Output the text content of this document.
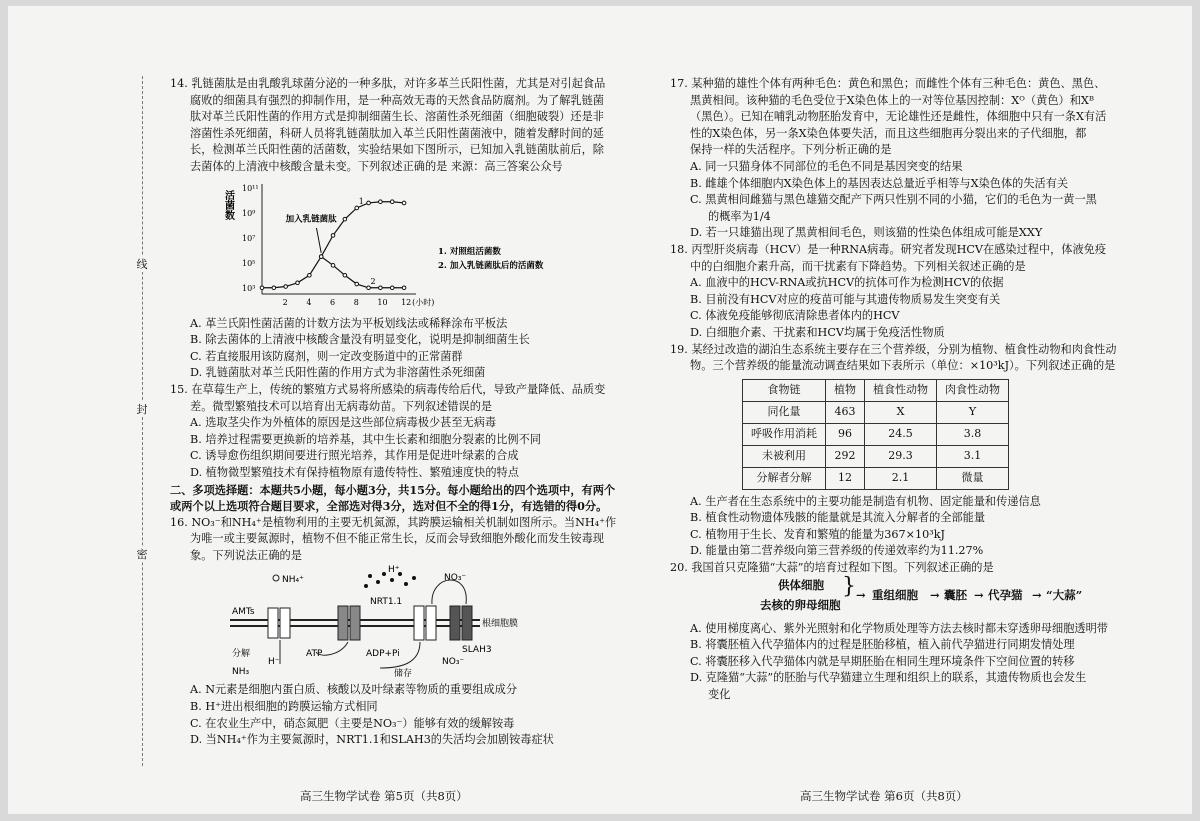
线
封
密

14. 乳链菌肽是由乳酸乳球菌分泌的一种多肽，对许多革兰氏阳性菌，尤其是对引起食品

腐败的细菌具有强烈的抑制作用，是一种高效无毒的天然食品防腐剂。为了解乳链菌

肽对革兰氏阳性菌的作用方式是抑制细菌生长、溶菌性杀死细菌（细胞破裂）还是非

溶菌性杀死细菌，科研人员将乳链菌肽加入革兰氏阳性菌菌液中，随着发酵时间的延

长，检测革兰氏阳性菌的活菌数，实验结果如下图所示，已知加入乳链菌肽前后，除

去菌体的上清液中核酸含量未变。下列叙述正确的是 来源：高三答案公众号

活菌数
10³
10⁵
10⁷
10⁹
10¹¹
2 4 6 8 10 12 (小时)
1
2
加入乳链菌肽
1. 对照组活菌数
2. 加入乳链菌肽后的活菌数

A. 革兰氏阳性菌活菌的计数方法为平板划线法或稀释涂布平板法

B. 除去菌体的上清液中核酸含量没有明显变化，说明是抑制细菌生长

C. 若直接服用该防腐剂，则一定改变肠道中的正常菌群

D. 乳链菌肽对革兰氏阳性菌的作用方式为非溶菌性杀死细菌

15. 在草莓生产上，传统的繁殖方式易将所感染的病毒传给后代，导致产量降低、品质变

差。微型繁殖技术可以培育出无病毒幼苗。下列叙述错误的是

A. 选取茎尖作为外植体的原因是这些部位病毒极少甚至无病毒

B. 培养过程需要更换新的培养基，其中生长素和细胞分裂素的比例不同

C. 诱导愈伤组织期间要进行照光培养，其作用是促进叶绿素的合成

D. 植物微型繁殖技术有保持植物原有遗传特性、繁殖速度快的特点

二、多项选择题：本题共5小题，每小题3分，共15分。每小题给出的四个选项中，有两个

或两个以上选项符合题目要求，全部选对得3分，选对但不全的得1分，有选错的得0分。

16. NO₃⁻和NH₄⁺是植物利用的主要无机氮源，其跨膜运输相关机制如图所示。当NH₄⁺作

为唯一或主要氮源时，植物不但不能正常生长，反而会导致细胞外酸化而发生铵毒现

象。下列说法正确的是

根细胞膜
AMTs
NH₄⁺
H⁺
NRT1.1
SLAH3
NO₃⁻
ATP	ADP+Pi
分解
NH₃
H⁻
储存
NO₃⁻

A. N元素是细胞内蛋白质、核酸以及叶绿素等物质的重要组成成分

B. H⁺进出根细胞的跨膜运输方式相同

C. 在农业生产中，硝态氮肥（主要是NO₃⁻）能够有效的缓解铵毒

D. 当NH₄⁺作为主要氮源时，NRT1.1和SLAH3的失活均会加剧铵毒症状

高三生物学试卷 第5页（共8页）

17. 某种猫的雄性个体有两种毛色：黄色和黑色；而雌性个体有三种毛色：黄色、黑色、

黑黄相间。该种猫的毛色受位于X染色体上的一对等位基因控制：Xᴼ（黄色）和Xᴮ

（黑色）。已知在哺乳动物胚胎发育中，无论雄性还是雌性，体细胞中只有一条X有活

性的X染色体，另一条X染色体要失活，而且这些细胞再分裂出来的子代细胞，都

保持一样的失活程序。下列分析正确的是

A. 同一只猫身体不同部位的毛色不同是基因突变的结果

B. 雌雄个体细胞内X染色体上的基因表达总量近乎相等与X染色体的失活有关

C. 黑黄相间雌猫与黑色雄猫交配产下两只性别不同的小猫，它们的毛色为一黄一黑

的概率为1/4

D. 若一只雄猫出现了黑黄相间毛色，则该猫的性染色体组成可能是XXY

18. 丙型肝炎病毒（HCV）是一种RNA病毒。研究者发现HCV在感染过程中，体液免疫

中的白细胞介素升高，而干扰素有下降趋势。下列相关叙述正确的是

A. 血液中的HCV-RNA或抗HCV的抗体可作为检测HCV的依据

B. 目前没有HCV对应的疫苗可能与其遗传物质易发生突变有关

C. 体液免疫能够彻底清除患者体内的HCV

D. 白细胞介素、干扰素和HCV均属于免疫活性物质

19. 某经过改造的湖泊生态系统主要存在三个营养级，分别为植物、植食性动物和肉食性动

物。三个营养级的能量流动调查结果如下表所示（单位：×10³kJ）。下列叙述正确的是

食物链	植物	植食性动物	肉食性动物
同化量	463	X	Y
呼吸作用消耗	96	24.5	3.8
未被利用	292	29.3	3.1
分解者分解	12	2.1	微量

A. 生产者在生态系统中的主要功能是制造有机物、固定能量和传递信息

B. 植食性动物遗体残骸的能量就是其流入分解者的全部能量

C. 植物用于生长、发育和繁殖的能量为367×10³kJ

D. 能量由第二营养级向第三营养级的传递效率约为11.27%

20. 我国首只克隆猫“大蒜”的培育过程如下图。下列叙述正确的是

供体细胞
去核的卵母细胞
} → 重组细胞 → 囊胚 → 代孕猫 → “大蒜”

A. 使用梯度离心、紫外光照射和化学物质处理等方法去核时都未穿透卵母细胞透明带

B. 将囊胚植入代孕猫体内的过程是胚胎移植，植入前代孕猫进行同期发情处理

C. 将囊胚移入代孕猫体内就是早期胚胎在相同生理环境条件下空间位置的转移

D. 克隆猫“大蒜”的胚胎与代孕猫建立生理和组织上的联系，其遗传物质也会发生

变化

高三生物学试卷 第6页（共8页）
